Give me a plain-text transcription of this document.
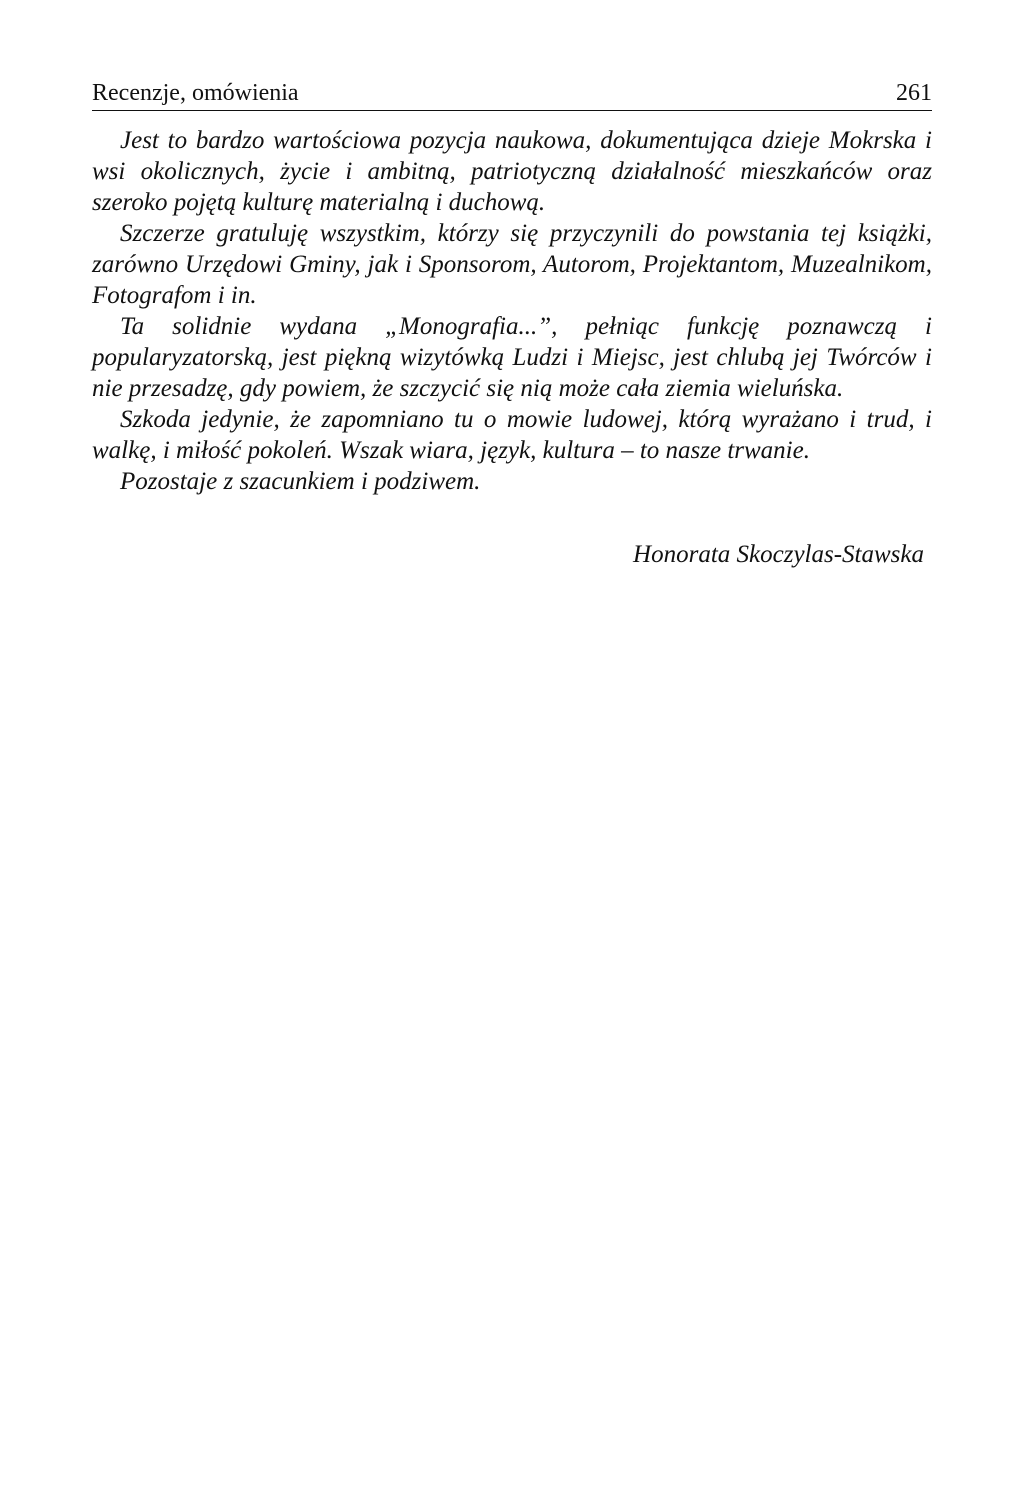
Recenzje, omówienia	261

Jest to bardzo wartościowa pozycja naukowa, dokumentująca dzieje Mokrska i wsi okolicznych, życie i ambitną, patriotyczną działalność mieszkańców oraz szeroko pojętą kulturę materialną i duchową.

Szczerze gratuluję wszystkim, którzy się przyczynili do powstania tej książki, zarówno Urzędowi Gminy, jak i Sponsorom, Autorom, Projektantom, Muzealnikom, Fotografom i in.

Ta solidnie wydana „Monografia...”, pełniąc funkcję poznawczą i popularyzatorską, jest piękną wizytówką Ludzi i Miejsc, jest chlubą jej Twórców i nie przesadzę, gdy powiem, że szczycić się nią może cała ziemia wieluńska.

Szkoda jedynie, że zapomniano tu o mowie ludowej, którą wyrażano i trud, i walkę, i miłość pokoleń. Wszak wiara, język, kultura – to nasze trwanie.

Pozostaje z szacunkiem i podziwem.

Honorata Skoczylas-Stawska
